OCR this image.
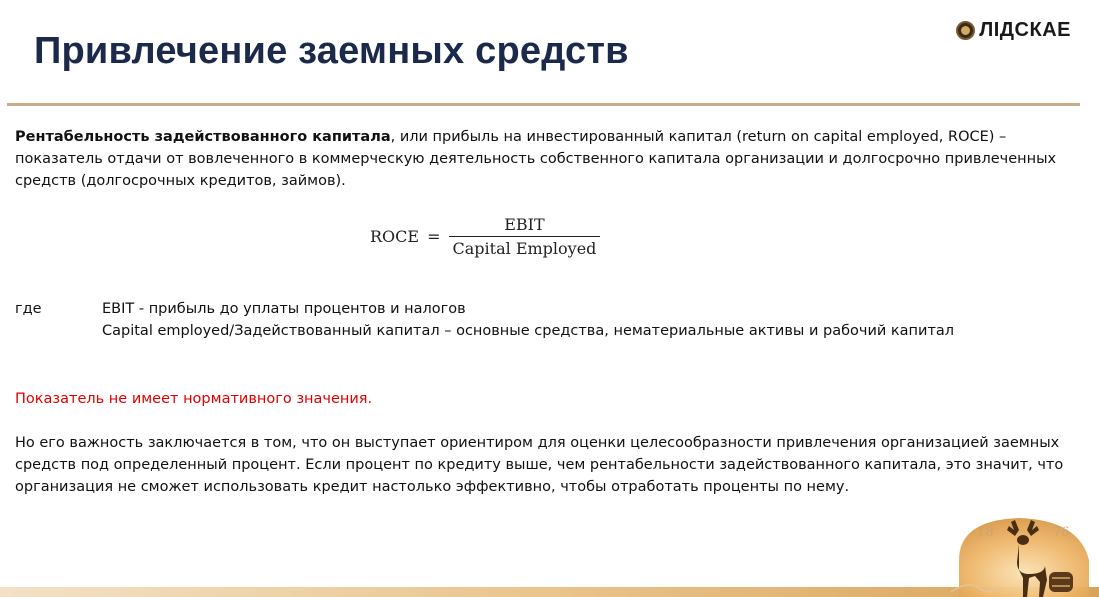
Привлечение заемных средств
ЛIДСКАЕ
Рентабельность задействованного капитала, или прибыль на инвестированный капитал (return on capital employed, ROCE) – показатель отдачи от вовлеченного в коммерческую деятельность собственного капитала организации и долгосрочно привлеченных средств (долгосрочных кредитов, займов).
ROCE = $\frac{\text{EBIT}}{\text{Capital Employed}}$
где	EBIT - прибыль до уплаты процентов и налогов
Capital employed/Задействованный капитал – основные средства, нематериальные активы и рабочий капитал
Показатель не имеет нормативного значения.
Но его важность заключается в том, что он выступает ориентиром для оценки целесообразности привлечения организацией заемных средств под определенный процент. Если процент по кредиту выше, чем рентабельности задействованного капитала, это значит, что организация не сможет использовать кредит настолько эффективно, чтобы отработать проценты по нему.
18	76
